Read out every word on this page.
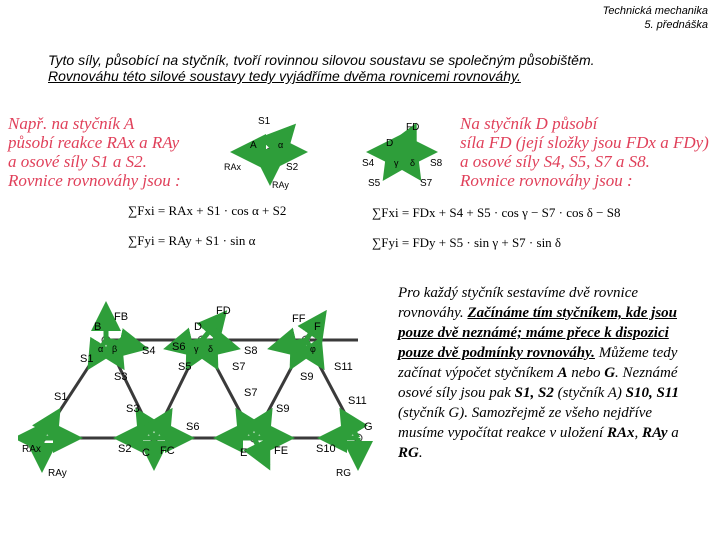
Technická mechanika
5. přednáška
Tyto síly, působící na styčník, tvoří rovinnou silovou soustavu se společným působištěm.
Rovnováhu této silové soustavy tedy vyjádříme dvěma rovnicemi rovnováhy.
Např. na styčník A
působí reakce RAx a RAy
a osové síly S1 a S2.
Rovnice rovnováhy jsou :
∑Fxi = RAx + S1 · cos α + S2
∑Fyi = RAy + S1 · sin α
Na styčník D působí
síla FD (její složky jsou FDx a FDy)
a osové síly S4, S5, S7 a S8.
Rovnice rovnováhy jsou :
∑Fxi = FDx + S4 + S5 · cos γ − S7 · cos δ − S8
∑Fyi = FDy + S5 · sin γ + S7 · sin δ
S1
A α
RAx	S2
RAy
FD
D
S4 γ δ S8
S5	S7
FB
B
FD
D
FF
F
α β	γ δ	φ
S1
S4	S8
S11
S3
S5	S7
S9
S6
S1
S3
S7
S9
S11
S6
S2	S10
RAx	C FC	E FE
G
RAy	RG
Pro každý styčník sestavíme dvě rovnice rovnováhy. Začínáme tím styčníkem, kde jsou pouze dvě neznámé; máme přece k dispozici pouze dvě podmínky rovnováhy. Můžeme tedy začínat výpočet styčníkem A nebo G. Neznámé osové síly jsou pak S1, S2 (styčník A) S10, S11 (styčník G). Samozřejmě ze všeho nejdříve musíme vypočítat reakce v uložení RAx, RAy a RG.
